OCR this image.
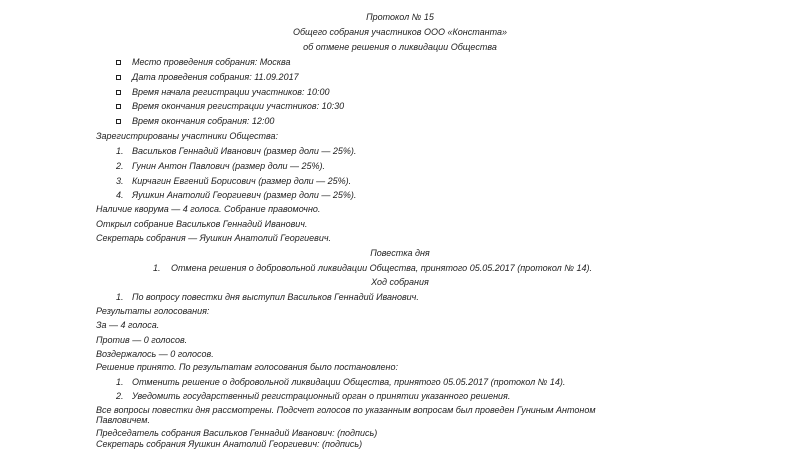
Протокол № 15
Общего собрания участников ООО «Константа»
об отмене решения о ликвидации Общества
Место проведения собрания: Москва
Дата проведения собрания: 11.09.2017
Время начала регистрации участников: 10:00
Время окончания регистрации участников: 10:30
Время окончания собрания: 12:00
Зарегистрированы участники Общества:
1. Васильков Геннадий Иванович (размер доли — 25%).
2. Гунин Антон Павлович (размер доли — 25%).
3. Кирчагин Евгений Борисович (размер доли — 25%).
4. Яушкин Анатолий Георгиевич (размер доли — 25%).
Наличие кворума — 4 голоса. Собрание правомочно.
Открыл собрание Васильков Геннадий Иванович.
Секретарь собрания — Яушкин Анатолий Георгиевич.
Повестка дня
1. Отмена решения о добровольной ликвидации Общества, принятого 05.05.2017 (протокол № 14).
Ход собрания
1. По вопросу повестки дня выступил Васильков Геннадий Иванович.
Результаты голосования:
За — 4 голоса.
Против — 0 голосов.
Воздержалось — 0 голосов.
Решение принято. По результатам голосования было постановлено:
1. Отменить решение о добровольной ликвидации Общества, принятого 05.05.2017 (протокол № 14).
2. Уведомить государственный регистрационный орган о принятии указанного решения.
Все вопросы повестки дня рассмотрены. Подсчет голосов по указанным вопросам был проведен Гуниным Антоном
Павловичем.
Председатель собрания Васильков Геннадий Иванович: (подпись)
Секретарь собрания Яушкин Анатолий Георгиевич: (подпись)
